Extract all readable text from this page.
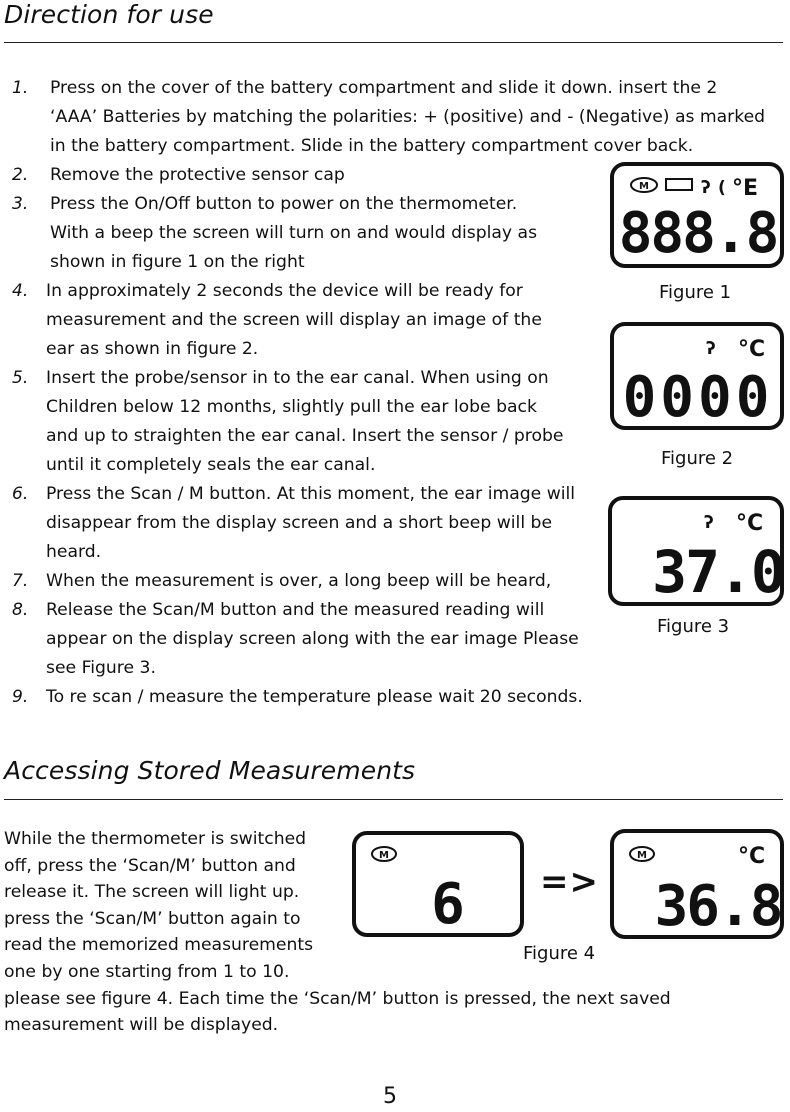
Direction for use
1. Press on the cover of the battery compartment and slide it down. insert the 2
‘AAA’ Batteries by matching the polarities: + (positive) and - (Negative) as marked
in the battery compartment. Slide in the battery compartment cover back.
2. Remove the protective sensor cap
3. Press the On/Off button to power on the thermometer.
With a beep the screen will turn on and would display as
shown in figure 1 on the right
4. In approximately 2 seconds the device will be ready for
measurement and the screen will display an image of the
ear as shown in figure 2.
5. Insert the probe/sensor in to the ear canal. When using on
Children below 12 months, slightly pull the ear lobe back
and up to straighten the ear canal. Insert the sensor / probe
until it completely seals the ear canal.
6. Press the Scan / M button. At this moment, the ear image will
disappear from the display screen and a short beep will be
heard.
7. When the measurement is over, a long beep will be heard,
8. Release the Scan/M button and the measured reading will
appear on the display screen along with the ear image Please
see Figure 3.
9. To re scan / measure the temperature please wait 20 seconds.
M	ʔ ( °E
888.8
Figure 1
ʔ °C
0000
Figure 2
ʔ °C
37.0
Figure 3
Accessing Stored Measurements
While the thermometer is switched
off, press the ‘Scan/M’ button and
release it. The screen will light up.
press the ‘Scan/M’ button again to
read the memorized measurements
one by one starting from 1 to 10.
please see figure 4. Each time the ‘Scan/M’ button is pressed, the next saved
measurement will be displayed.
M
6 =>
M	°C
36.8
Figure 4
5
